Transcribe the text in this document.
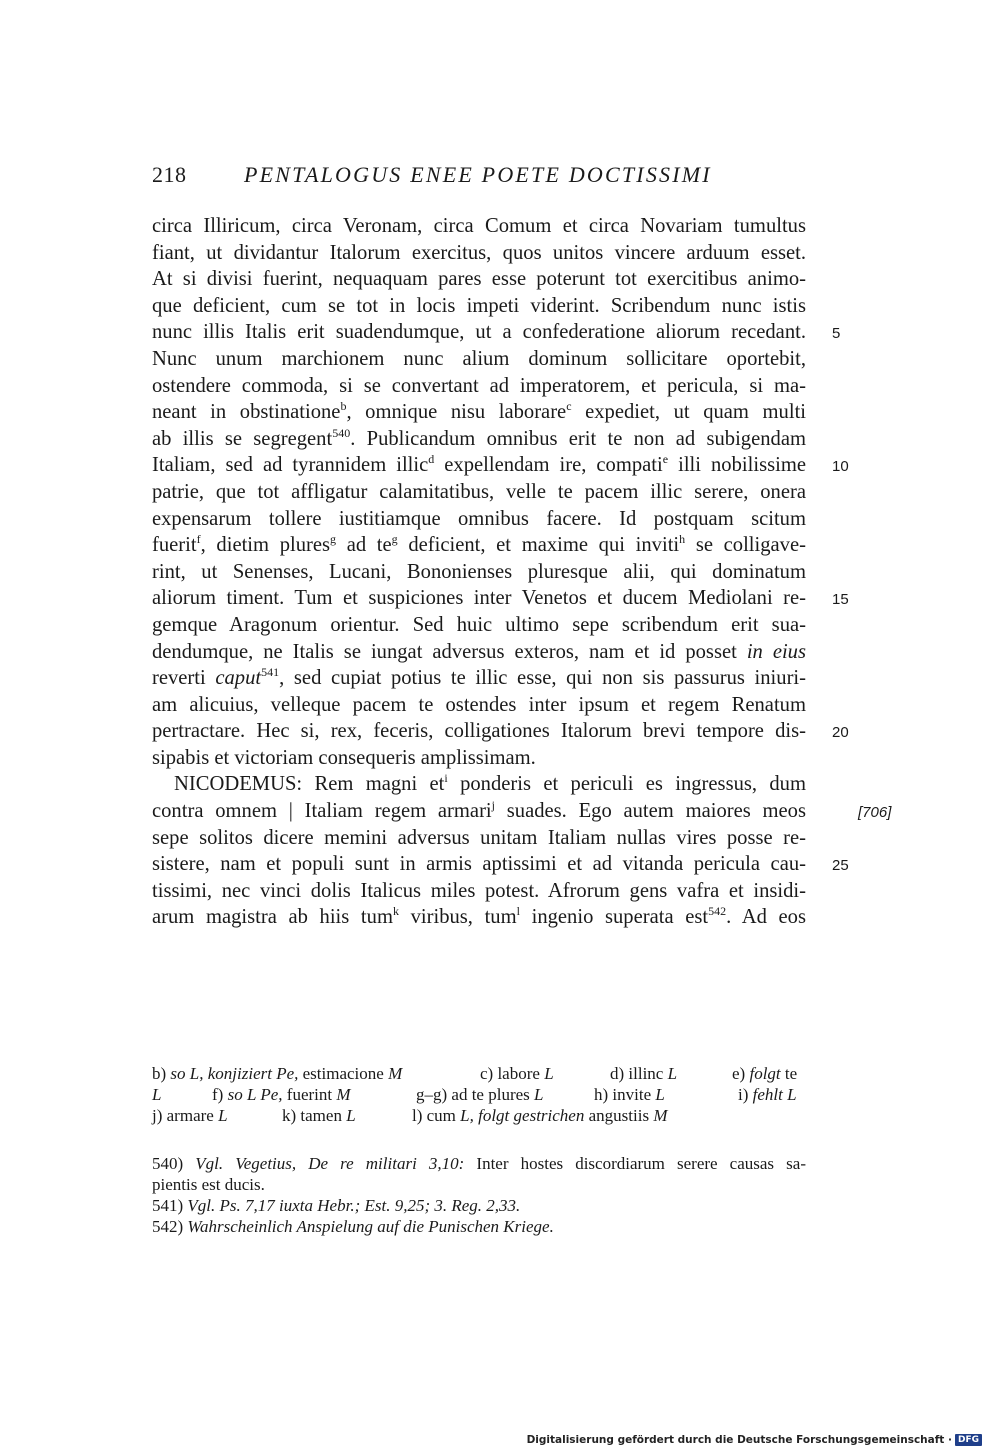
218	PENTALOGUS ENEE POETE DOCTISSIMI
circa Illiricum, circa Veronam, circa Comum et circa Novariam tumultus
fiant, ut dividantur Italorum exercitus, quos unitos vincere arduum esset.
At si divisi fuerint, nequaquam pares esse poterunt tot exercitibus animo-
que deficient, cum se tot in locis impeti viderint. Scribendum nunc istis
nunc illis Italis erit suadendumque, ut a confederatione aliorum recedant.
Nunc unum marchionem nunc alium dominum sollicitare oportebit,
ostendere commoda, si se convertant ad imperatorem, et pericula, si ma-
neant in obstinatione$^b$, omnique nisu laborare$^c$ expediet, ut quam multi
ab illis se segregent$^{540}$. Publicandum omnibus erit te non ad subigendam
Italiam, sed ad tyrannidem illic$^d$ expellendam ire, compati$^e$ illi nobilissime
patrie, que tot affligatur calamitatibus, velle te pacem illic serere, onera
expensarum tollere iustitiamque omnibus facere. Id postquam scitum
fuerit$^f$, dietim plures$^g$ ad $te^g$ deficient, et maxime qui inviti$^h$ se colligave-
rint, ut Senenses, Lucani, Bononienses pluresque alii, qui dominatum
aliorum timent. Tum et suspiciones inter Venetos et ducem Mediolani re-
gemque Aragonum orientur. Sed huic ultimo sepe scribendum erit sua-
dendumque, ne Italis se iungat adversus exteros, nam et id posset in eius
reverti caput$^{541}$, sed cupiat potius te illic esse, qui non sis passurus iniuri-
am alicuius, velleque pacem te ostendes inter ipsum et regem Renatum
pertractare. Hec si, rex, feceris, colligationes Italorum brevi tempore dis-
sipabis et victoriam consequeris amplissimam.
NICODEMUS: Rem magni $et^i$ ponderis et periculi es ingressus, dum
contra omnem | Italiam regem armari$^j$ suades. Ego autem maiores meos
sepe solitos dicere memini adversus unitam Italiam nullas vires posse re-
sistere, nam et populi sunt in armis aptissimi et ad vitanda pericula cau-
tissimi, nec vinci dolis Italicus miles potest. Afrorum gens vafra et insidi-
arum magistra ab hiis tum$^k$ viribus, tum$^l$ ingenio superata est$^{542}$. Ad eos
5
10
15
20
25
[706]
b) so L, konjiziert Pe, estimacione M	c) labore L	d) illinc L	e) folgt te
L	f) so L Pe, fuerint M	g–g) ad te plures L	h) invite L	i) fehlt L
j) armare L	k) tamen L	l) cum L, folgt gestrichen angustiis M
540) Vgl. Vegetius, De re militari 3,10: Inter hostes discordiarum serere causas sa-
pientis est ducis.
541) Vgl. Ps. 7,17 iuxta Hebr.; Est. 9,25; 3. Reg. 2,33.
542) Wahrscheinlich Anspielung auf die Punischen Kriege.
Digitalisierung gefördert durch die Deutsche Forschungsgemeinschaft · DFG
